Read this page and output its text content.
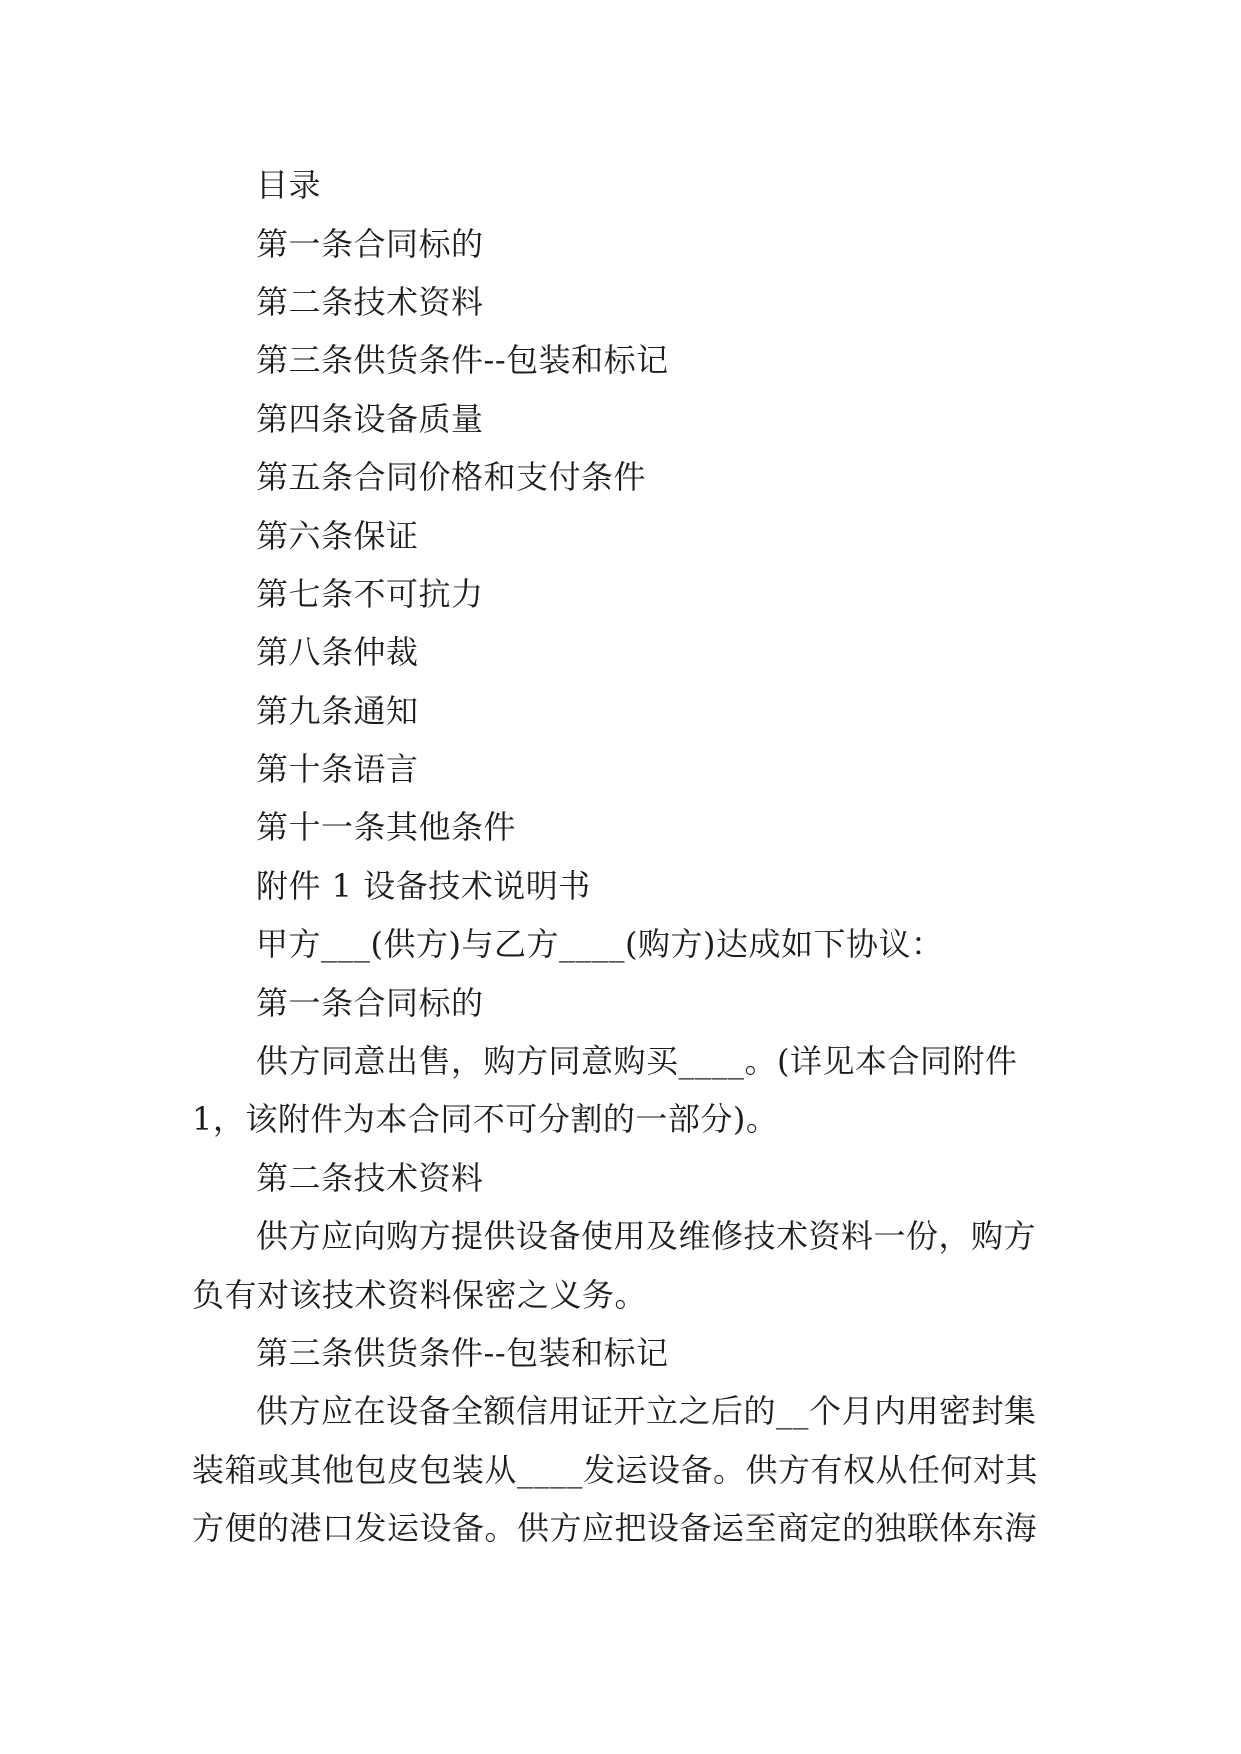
目录
第一条合同标的
第二条技术资料
第三条供货条件--包装和标记
第四条设备质量
第五条合同价格和支付条件
第六条保证
第七条不可抗力
第八条仲裁
第九条通知
第十条语言
第十一条其他条件
附件 1 设备技术说明书
甲方___(供方)与乙方____(购方)达成如下协议：
第一条合同标的
供方同意出售，购方同意购买____。(详见本合同附件
1，该附件为本合同不可分割的一部分)。
第二条技术资料
供方应向购方提供设备使用及维修技术资料一份，购方
负有对该技术资料保密之义务。
第三条供货条件--包装和标记
供方应在设备全额信用证开立之后的__个月内用密封集
装箱或其他包皮包装从____发运设备。供方有权从任何对其
方便的港口发运设备。供方应把设备运至商定的独联体东海
